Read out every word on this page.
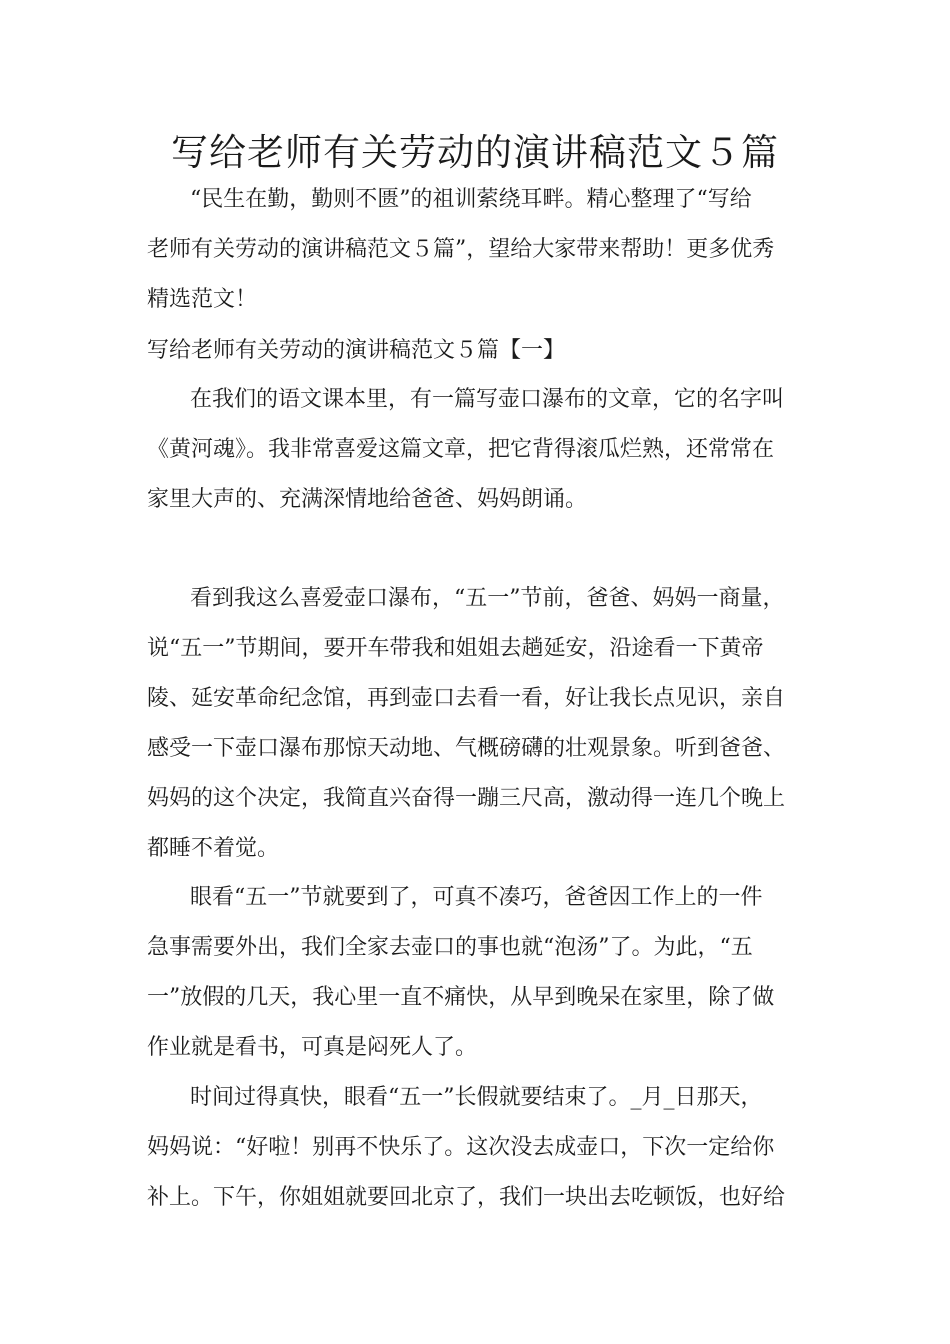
写给老师有关劳动的演讲稿范文５篇

“民生在勤，勤则不匮”的祖训萦绕耳畔。精心整理了“写给

老师有关劳动的演讲稿范文５篇”，望给大家带来帮助！更多优秀

精选范文！

写给老师有关劳动的演讲稿范文５篇【一】

在我们的语文课本里，有一篇写壶口瀑布的文章，它的名字叫

《黄河魂》。我非常喜爱这篇文章，把它背得滚瓜烂熟，还常常在

家里大声的、充满深情地给爸爸、妈妈朗诵。

看到我这么喜爱壶口瀑布，“五一”节前，爸爸、妈妈一商量，

说“五一”节期间，要开车带我和姐姐去趟延安，沿途看一下黄帝

陵、延安革命纪念馆，再到壶口去看一看，好让我长点见识，亲自

感受一下壶口瀑布那惊天动地、气概磅礴的壮观景象。听到爸爸、

妈妈的这个决定，我简直兴奋得一蹦三尺高，激动得一连几个晚上

都睡不着觉。

眼看“五一”节就要到了，可真不凑巧，爸爸因工作上的一件

急事需要外出，我们全家去壶口的事也就“泡汤”了。为此，“五

一”放假的几天，我心里一直不痛快，从早到晚呆在家里，除了做

作业就是看书，可真是闷死人了。

时间过得真快，眼看“五一”长假就要结束了。_月_日那天，

妈妈说：“好啦！别再不快乐了。这次没去成壶口，下次一定给你

补上。下午，你姐姐就要回北京了，我们一块出去吃顿饭，也好给
